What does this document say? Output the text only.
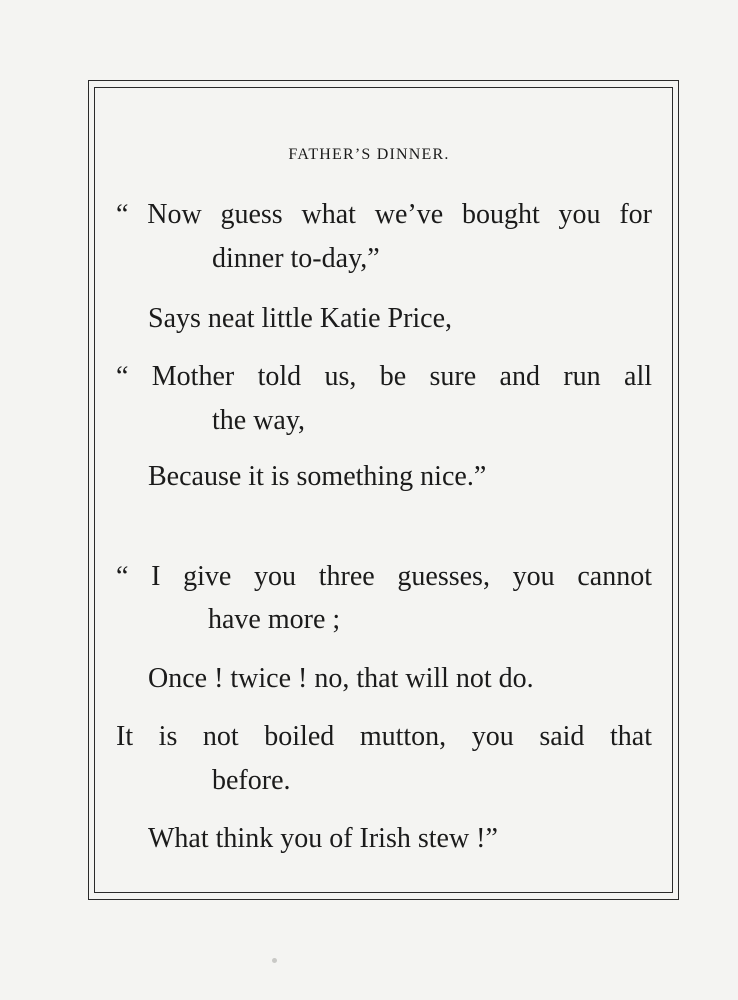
FATHER’S DINNER.
“ Now guess what we’ve bought you for
dinner to-day,”
Says neat little Katie Price,
“ Mother told us, be sure and run all
the way,
Because it is something nice.”
“ I give you three guesses, you cannot
have more ;
Once ! twice ! no, that will not do.
It is not boiled mutton, you said that
before.
What think you of Irish stew !”
